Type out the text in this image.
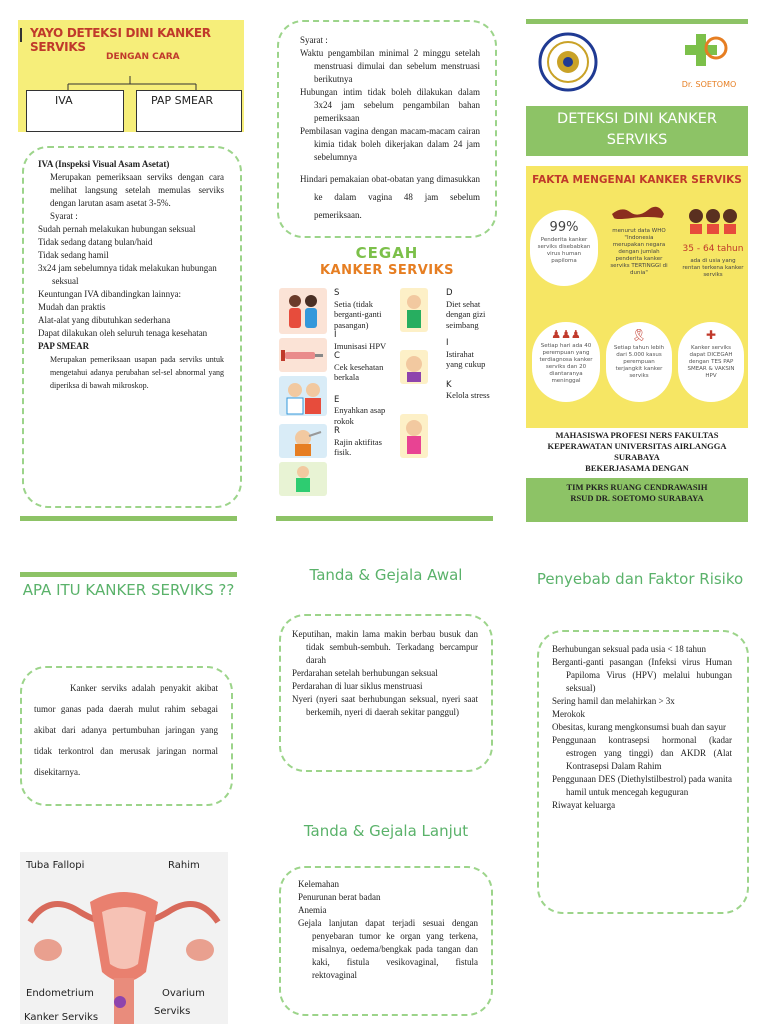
YAYO DETEKSI DINI KANKER SERVIKS
DENGAN CARA
IVA	PAP SMEAR

IVA (Inspeksi Visual Asam Asetat)

Merupakan pemeriksaan serviks dengan cara melihat langsung setelah memulas serviks dengan larutan asam asetat 3-5%.

Syarat :

Sudah pernah melakukan hubungan seksual

Tidak sedang datang bulan/haid

Tidak sedang hamil

3x24 jam sebelumnya tidak melakukan hubungan seksual

Keuntungan IVA dibandingkan lainnya:

Mudah dan praktis

Alat-alat yang dibutuhkan sederhana

Dapat dilakukan oleh seluruh tenaga kesehatan

PAP SMEAR

Merupakan pemeriksaan usapan pada serviks untuk mengetahui adanya perubahan sel-sel abnormal yang diperiksa di bawah mikroskop.

Syarat :

Waktu pengambilan minimal 2 minggu setelah menstruasi dimulai dan sebelum menstruasi berikutnya

Hubungan intim tidak boleh dilakukan dalam 3x24 jam sebelum pengambilan bahan pemeriksaan

Pembilasan vagina dengan macam-macam cairan kimia tidak boleh dikerjakan dalam 24 jam sebelumnya

Hindari pemakaian obat-obatan yang dimasukkan ke dalam vagina 48 jam sebelum pemeriksaan.

CEGAH
KANKER SERVIKS

S

Setia (tidak berganti-ganti pasangan)

I

Imunisasi HPV

C

Cek kesehatan berkala

E

Enyahkan asap rokok

R

Rajin aktifitas fisik.

D

Diet sehat dengan gizi seimbang

I

Istirahat yang cukup

K

Kelola stress

Dr. SOETOMO
DETEKSI DINI KANKER SERVIKS
FAKTA MENGENAI KANKER SERVIKS
99%
Penderita kanker serviks disebabkan virus human papiloma
menurut data WHO "Indonesia merupakan negara dengan jumlah penderita kanker serviks TERTINGGI di dunia"
35 - 64 tahun
ada di usia yang rentan terkena kanker serviks
♟♟♟
Setiap hari ada 40 perempuan yang terdiagnosa kanker serviks dan 20 diantaranya meninggal
🎗
Setiap tahun lebih dari 5.000 kasus perempuan terjangkit kanker serviks
✚
Kanker serviks dapat DICEGAH dengan TES PAP SMEAR & VAKSIN HPV
MAHASISWA PROFESI NERS FAKULTAS KEPERAWATAN UNIVERSITAS AIRLANGGA SURABAYA
BEKERJASAMA DENGAN
TIM PKRS RUANG CENDRAWASIH RSUD DR. SOETOMO SURABAYA
APA ITU KANKER SERVIKS ??
Kanker serviks adalah penyakit akibat tumor ganas pada daerah mulut rahim sebagai akibat dari adanya pertumbuhan jaringan yang tidak terkontrol dan merusak jaringan normal disekitarnya.
Tuba Fallopi	Rahim
Endometrium	Ovarium
Kanker Serviks
Serviks
Tanda & Gejala Awal

Keputihan, makin lama makin berbau busuk dan tidak sembuh-sembuh. Terkadang bercampur darah

Perdarahan setelah berhubungan seksual

Perdarahan di luar siklus menstruasi

Nyeri (nyeri saat berhubungan seksual, nyeri saat berkemih, nyeri di daerah sekitar panggul)

Tanda & Gejala Lanjut

Kelemahan

Penurunan berat badan

Anemia

Gejala lanjutan dapat terjadi sesuai dengan penyebaran tumor ke organ yang terkena, misalnya, oedema/bengkak pada tangan dan kaki, fistula vesikovaginal, fistula rektovaginal

Penyebab dan Faktor Risiko

Berhubungan seksual pada usia < 18 tahun

Berganti-ganti pasangan (Infeksi virus Human Papiloma Virus (HPV) melalui hubungan seksual)

Sering hamil dan melahirkan > 3x

Merokok

Obesitas, kurang mengkonsumsi buah dan sayur

Penggunaan kontrasepsi hormonal (kadar estrogen yang tinggi) dan AKDR (Alat Kontrasepsi Dalam Rahim

Penggunaan DES (Diethylstilbestrol) pada wanita hamil untuk mencegah keguguran

Riwayat keluarga
